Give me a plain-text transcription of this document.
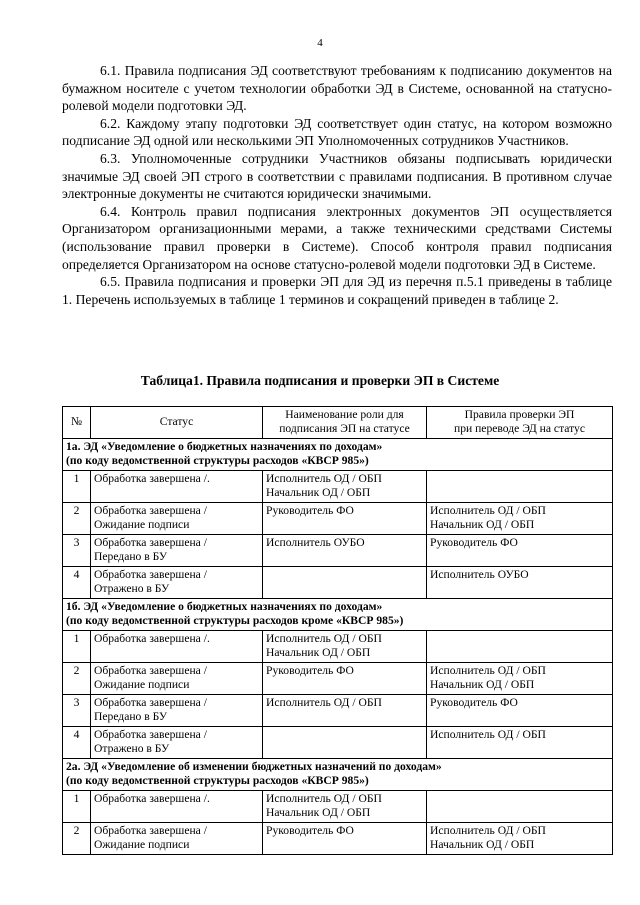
4

6.1. Правила подписания ЭД соответствуют требованиям к подписанию документов на бумажном носителе с учетом технологии обработки ЭД в Системе, основанной на статусно-ролевой модели подготовки ЭД.

6.2. Каждому этапу подготовки ЭД соответствует один статус, на котором возможно подписание ЭД одной или несколькими ЭП Уполномоченных сотрудников Участников.

6.3. Уполномоченные сотрудники Участников обязаны подписывать юридически значимые ЭД своей ЭП строго в соответствии с правилами подписания. В противном случае электронные документы не считаются юридически значимыми.

6.4. Контроль правил подписания электронных документов ЭП осуществляется Организатором организационными мерами, а также техническими средствами Системы (использование правил проверки в Системе). Способ контроля правил подписания определяется Организатором на основе статусно-ролевой модели подготовки ЭД в Системе.

6.5. Правила подписания и проверки ЭП для ЭД из перечня п.5.1 приведены в таблице 1. Перечень используемых в таблице 1 терминов и сокращений приведен в таблице 2.

Таблица1. Правила подписания и проверки ЭП в Системе
№	Статус	Наименование роли для
подписания ЭП на статусе	Правила проверки ЭП
при переводе ЭД на статус

1а. ЭД «Уведомление о бюджетных назначениях по доходам»
(по коду ведомственной структуры расходов «КВСР 985»)			

1	Обработка завершена /.	Исполнитель ОД / ОБП
Начальник ОД / ОБП	

2	Обработка завершена /
Ожидание подписи	Руководитель ФО	Исполнитель ОД / ОБП
Начальник ОД / ОБП

3	Обработка завершена /
Передано в БУ	Исполнитель ОУБО	Руководитель ФО

4	Обработка завершена /
Отражено в БУ		Исполнитель ОУБО

1б. ЭД «Уведомление о бюджетных назначениях по доходам»
(по коду ведомственной структуры расходов кроме «КВСР 985»)			

1	Обработка завершена /.	Исполнитель ОД / ОБП
Начальник ОД / ОБП	

2	Обработка завершена /
Ожидание подписи	Руководитель ФО	Исполнитель ОД / ОБП
Начальник ОД / ОБП

3	Обработка завершена /
Передано в БУ	Исполнитель ОД / ОБП	Руководитель ФО

4	Обработка завершена /
Отражено в БУ		Исполнитель ОД / ОБП

2а. ЭД «Уведомление об изменении бюджетных назначений по доходам»
(по коду ведомственной структуры расходов «КВСР 985»)			

1	Обработка завершена /.	Исполнитель ОД / ОБП
Начальник ОД / ОБП	

2	Обработка завершена /
Ожидание подписи	Руководитель ФО	Исполнитель ОД / ОБП
Начальник ОД / ОБП
